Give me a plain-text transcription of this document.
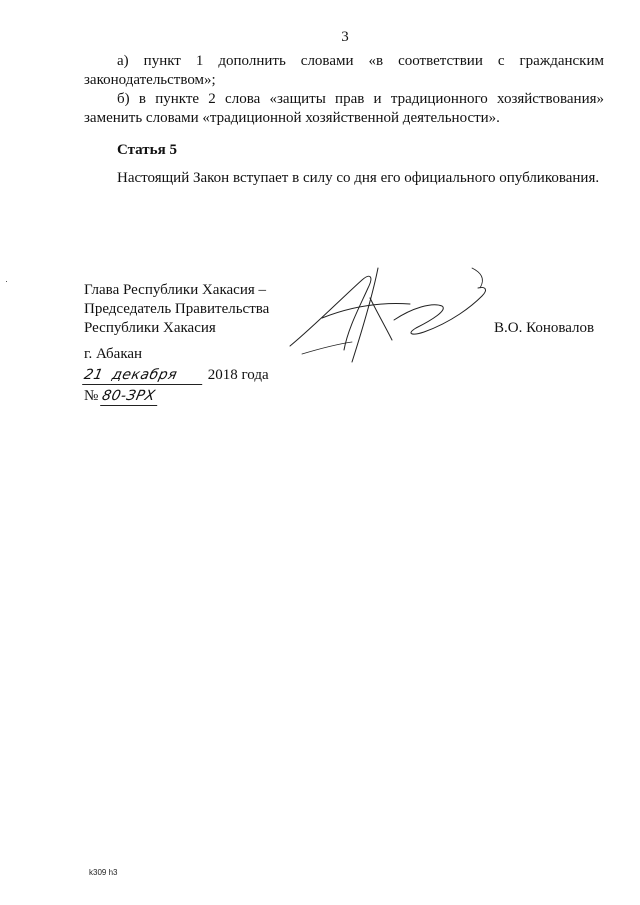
3

а) пункт 1 дополнить словами «в соответствии с гражданским законодательством»;

б) в пункте 2 слова «защиты прав и традиционного хозяйствования» заменить словами «традиционной хозяйственной деятельности».

Статья 5

Настоящий Закон вступает в силу со дня его официального опубликования.

Глава Республики Хакасия –
Председатель Правительства
Республики Хакасия	В.О. Коновалов
г. Абакан
21 декабря 2018 года
№ 80-ЗРХ
k309 h3
